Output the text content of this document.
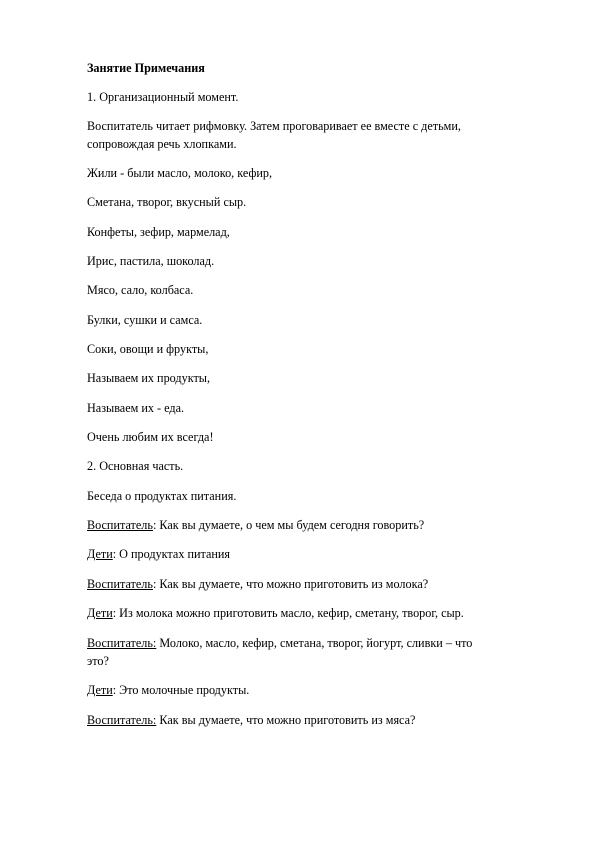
Занятие Примечания
1. Организационный момент.
Воспитатель читает рифмовку. Затем проговаривает ее вместе с детьми,
сопровождая речь хлопками.
Жили - были масло, молоко, кефир,
Сметана, творог, вкусный сыр.
Конфеты, зефир, мармелад,
Ирис, пастила, шоколад.
Мясо, сало, колбаса.
Булки, сушки и самса.
Соки, овощи и фрукты,
Называем их продукты,
Называем их - еда.
Очень любим их всегда!
2. Основная часть.
Беседа о продуктах питания.
Воспитатель: Как вы думаете, о чем мы будем сегодня говорить?
Дети: О продуктах питания
Воспитатель: Как вы думаете, что можно приготовить из молока?
Дети: Из молока можно приготовить масло, кефир, сметану, творог, сыр.
Воспитатель: Молоко, масло, кефир, сметана, творог, йогурт, сливки – что
это?
Дети: Это молочные продукты.
Воспитатель: Как вы думаете, что можно приготовить из мяса?
